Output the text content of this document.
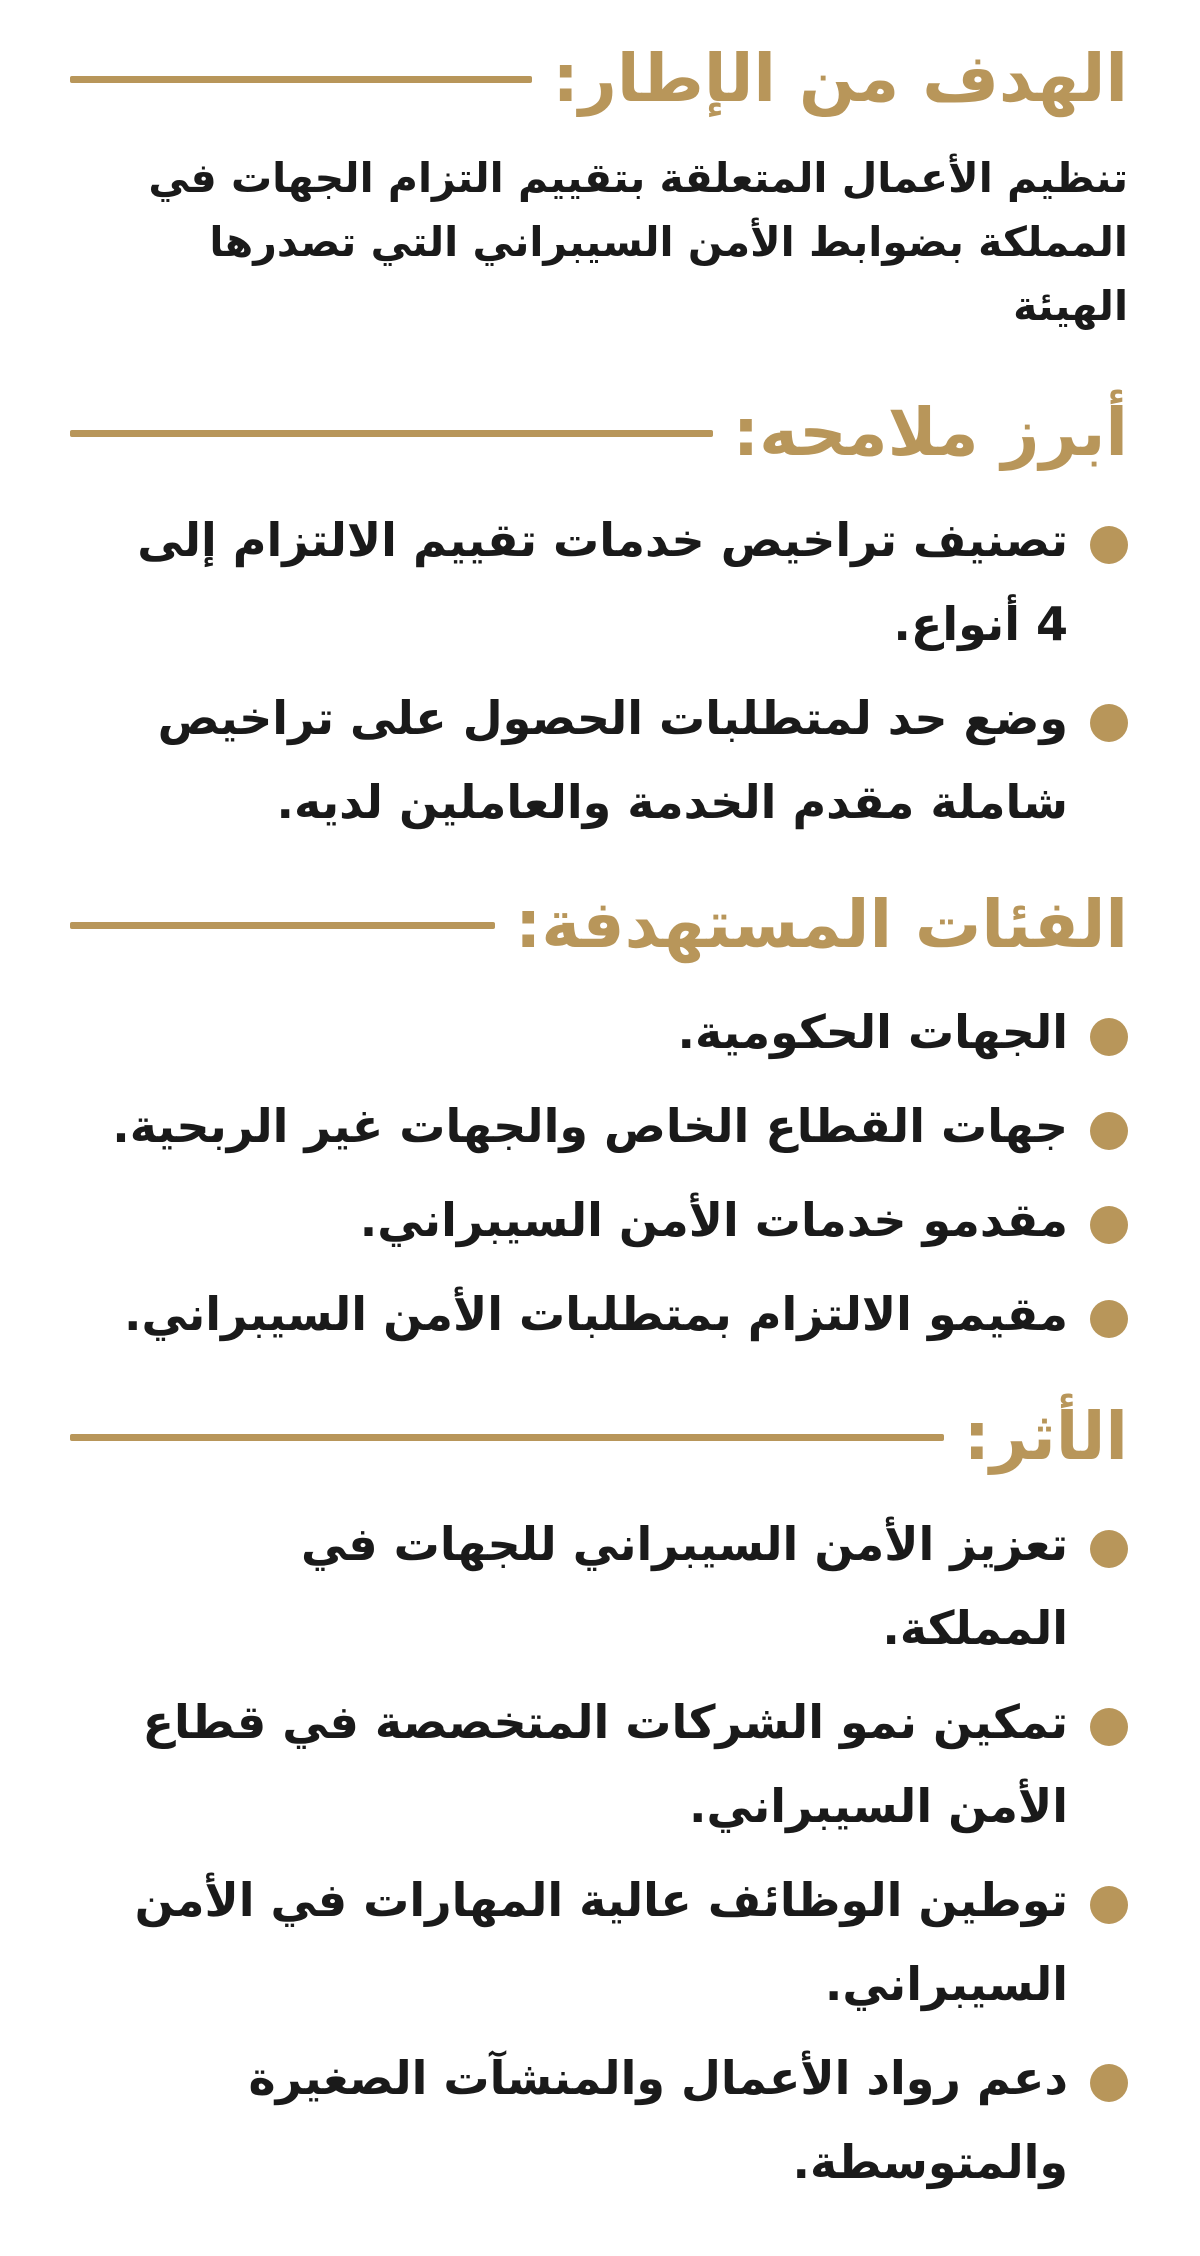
الهدف من الإطار:

تنظيم الأعمال المتعلقة بتقييم التزام الجهات في المملكة بضوابط الأمن السيبراني التي تصدرها الهيئة

أبرز ملامحه:
تصنيف تراخيص خدمات تقييم الالتزام إلى 4 أنواع.
وضع حد لمتطلبات الحصول على تراخيص شاملة مقدم الخدمة والعاملين لديه.
الفئات المستهدفة:
الجهات الحكومية.
جهات القطاع الخاص والجهات غير الربحية.
مقدمو خدمات الأمن السيبراني.
مقيمو الالتزام بمتطلبات الأمن السيبراني.
الأثر:
تعزيز الأمن السيبراني للجهات في المملكة.
تمكين نمو الشركات المتخصصة في قطاع الأمن السيبراني.
توطين الوظائف عالية المهارات في الأمن السيبراني.
دعم رواد الأعمال والمنشآت الصغيرة والمتوسطة.
